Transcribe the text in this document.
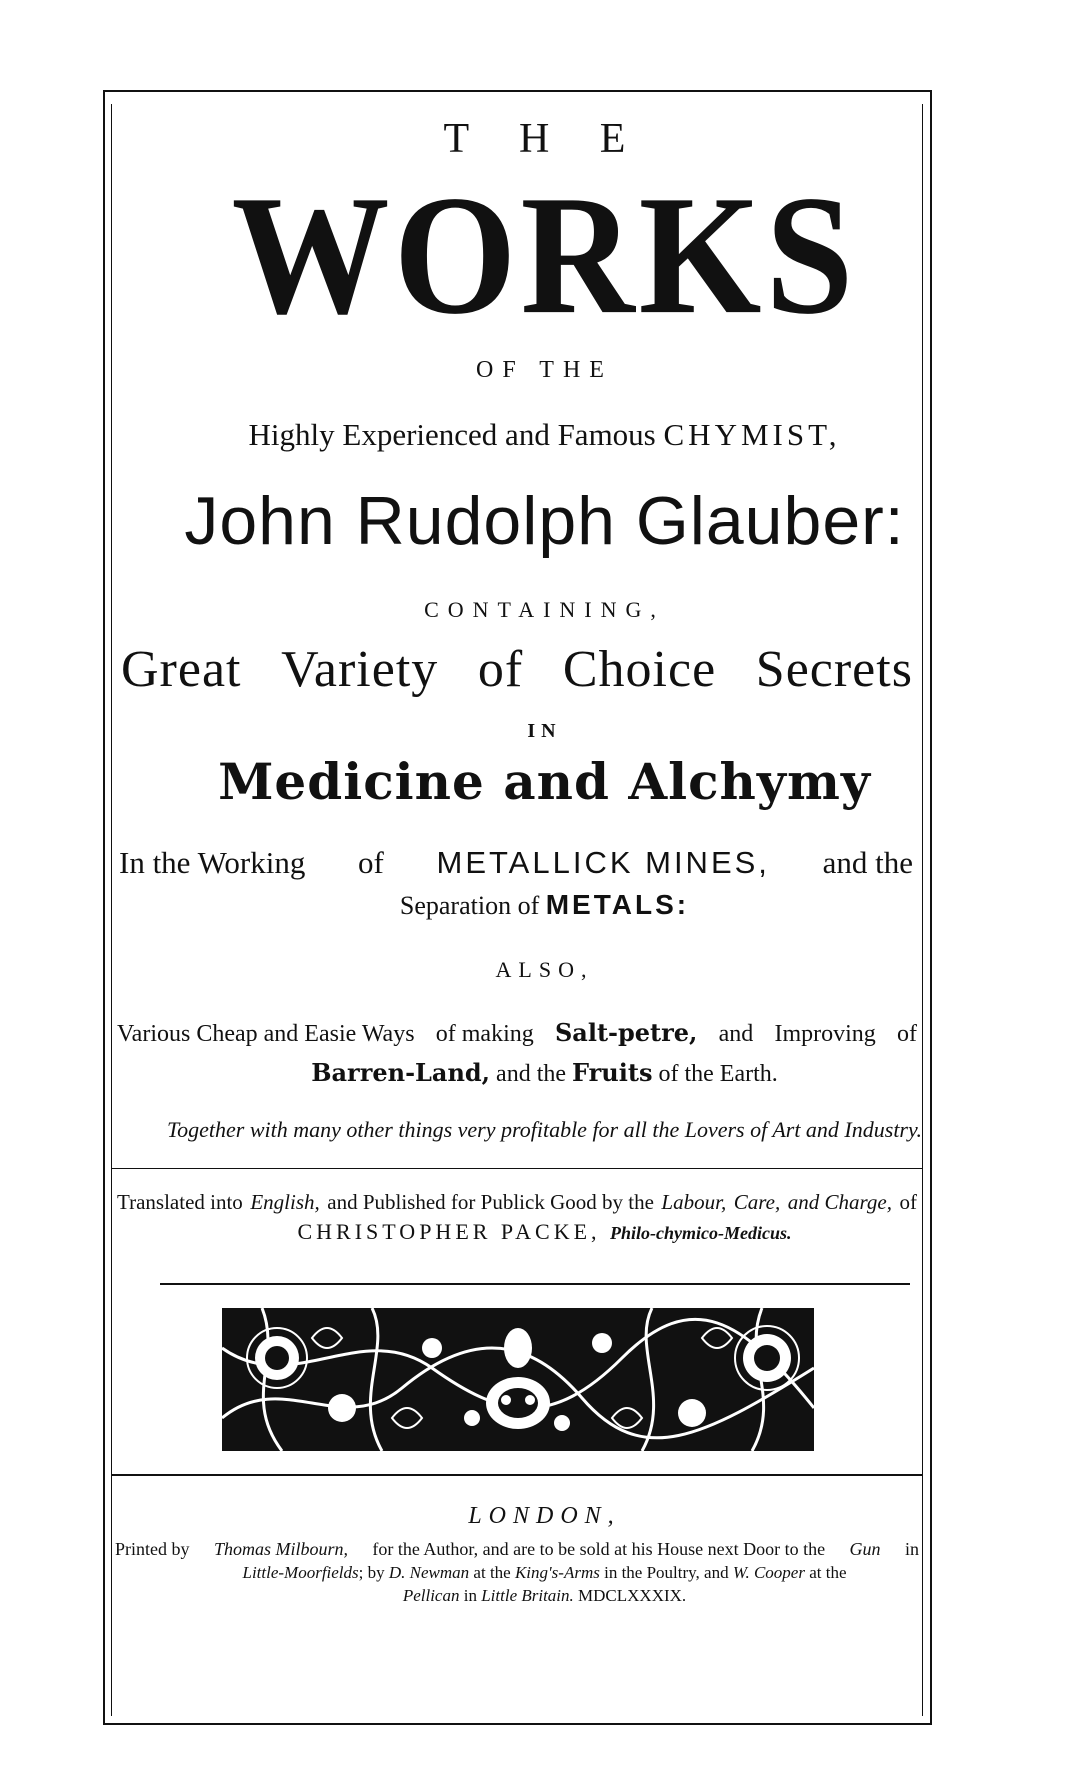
T H E
WORKS
OF THE
Highly Experienced and Famous CHYMIST,
John Rudolph Glauber:
CONTAINING,
Great Variety of Choice Secrets
IN
Medicine and Alchymy
In the Working of METALLICK MINES, and the
Separation of METALS:
ALSO,
Various Cheap and Easie Ways of making Salt-petre, and Improving of
Barren-Land, and the Fruits of the Earth.
Together with many other things very profitable for all the Lovers of Art and Industry.
Translated into English, and Published for Publick Good by the Labour, Care, and Charge, of
CHRISTOPHER PACKE, Philo-chymico-Medicus.
LONDON,
Printed by Thomas Milbourn, for the Author, and are to be sold at his House next Door to the Gun in
Little-Moorfields; by D. Newman at the King's-Arms in the Poultry, and W. Cooper at the
Pellican in Little Britain. MDCLXXXIX.
